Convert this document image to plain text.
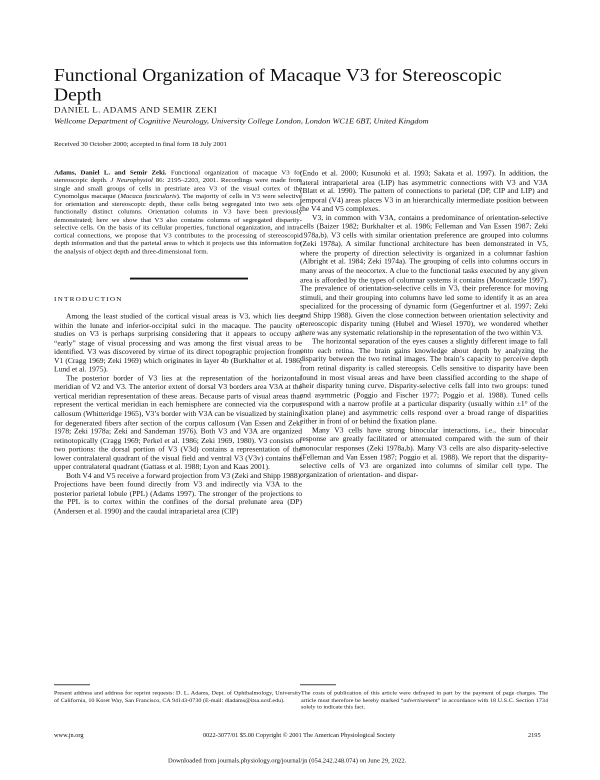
Functional Organization of Macaque V3 for Stereoscopic Depth
DANIEL L. ADAMS AND SEMIR ZEKI
Wellcome Department of Cognitive Neurology, University College London, London WC1E 6BT, United Kingdom
Received 30 October 2000; accepted in final form 18 July 2001
Adams, Daniel L. and Semir Zeki. Functional organization of macaque V3 for stereoscopic depth. J Neurophysiol 86: 2195–2203, 2001. Recordings were made from single and small groups of cells in prestriate area V3 of the visual cortex of the Cynomolgus macaque (Macaca fascicularis). The majority of cells in V3 were selective for orientation and stereoscopic depth, these cells being segregated into two sets of functionally distinct columns. Orientation columns in V3 have been previously demonstrated; here we show that V3 also contains columns of segregated disparity-selective cells. On the basis of its cellular properties, functional organization, and intra-cortical connections, we propose that V3 contributes to the processing of stereoscopic depth information and that the parietal areas to which it projects use this information for the analysis of object depth and three-dimensional form.
INTRODUCTION

Among the least studied of the cortical visual areas is V3, which lies deep within the lunate and inferior-occipital sulci in the macaque. The paucity of studies on V3 is perhaps surprising considering that it appears to occupy an “early” stage of visual processing and was among the first visual areas to be identified. V3 was discovered by virtue of its direct topographic projection from V1 (Cragg 1969; Zeki 1969) which originates in layer 4b (Burkhalter et al. 1986; Lund et al. 1975).

The posterior border of V3 lies at the representation of the horizontal meridian of V2 and V3. The anterior extent of dorsal V3 borders area V3A at the vertical meridian representation of these areas. Because parts of visual areas that represent the vertical meridian in each hemisphere are connected via the corpus callosum (Whitteridge 1965), V3’s border with V3A can be visualized by staining for degenerated fibers after section of the corpus callosum (Van Essen and Zeki 1978; Zeki 1978a; Zeki and Sandeman 1976). Both V3 and V3A are organized retinotopically (Cragg 1969; Perkel et al. 1986; Zeki 1969, 1980). V3 consists of two portions: the dorsal portion of V3 (V3d) contains a representation of the lower contralateral quadrant of the visual field and ventral V3 (V3v) contains the upper contralateral quadrant (Gattass et al. 1988; Lyon and Kaas 2001).

Both V4 and V5 receive a forward projection from V3 (Zeki and Shipp 1988). Projections have been found directly from V3 and indirectly via V3A to the posterior parietal lobule (PPL) (Adams 1997). The stronger of the projections to the PPL is to cortex within the confines of the dorsal prelunate area (DP) (Andersen et al. 1990) and the caudal intraparietal area (CIP)

(Endo et al. 2000; Kusunoki et al. 1993; Sakata et al. 1997). In addition, the lateral intraparietal area (LIP) has asymmetric connections with V3 and V3A (Blatt et al. 1990). The pattern of connections to parietal (DP, CIP and LIP) and temporal (V4) areas places V3 in an hierarchically intermediate position between the V4 and V5 complexes.

V3, in common with V3A, contains a predominance of orientation-selective cells (Baizer 1982; Burkhalter et al. 1986; Felleman and Van Essen 1987; Zeki 1978a,b). V3 cells with similar orientation preference are grouped into columns (Zeki 1978a). A similar functional architecture has been demonstrated in V5, where the property of direction selectivity is organized in a columnar fashion (Albright et al. 1984; Zeki 1974a). The grouping of cells into columns occurs in many areas of the neocortex. A clue to the functional tasks executed by any given area is afforded by the types of columnar systems it contains (Mountcastle 1997). The prevalence of orientation-selective cells in V3, their preference for moving stimuli, and their grouping into columns have led some to identify it as an area specialized for the processing of dynamic form (Gegenfurtner et al. 1997; Zeki and Shipp 1988). Given the close connection between orientation selectivity and stereoscopic disparity tuning (Hubel and Wiesel 1970), we wondered whether there was any systematic relationship in the representation of the two within V3.

The horizontal separation of the eyes causes a slightly different image to fall onto each retina. The brain gains knowledge about depth by analyzing the disparity between the two retinal images. The brain’s capacity to perceive depth from retinal disparity is called stereopsis. Cells sensitive to disparity have been found in most visual areas and have been classified according to the shape of their disparity tuning curve. Disparity-selective cells fall into two groups: tuned and asymmetric (Poggio and Fischer 1977; Poggio et al. 1988). Tuned cells respond with a narrow profile at a particular disparity (usually within ±1° of the fixation plane) and asymmetric cells respond over a broad range of disparities either in front of or behind the fixation plane.

Many V3 cells have strong binocular interactions, i.e., their binocular response are greatly facilitated or attenuated compared with the sum of their monocular responses (Zeki 1978a,b). Many V3 cells are also disparity-selective (Felleman and Van Essen 1987; Poggio et al. 1988). We report that the disparity-selective cells of V3 are organized into columns of similar cell type. The organization of orientation- and dispar-

Present address and address for reprint requests: D. L. Adams, Dept. of Ophthalmology, University of California, 10 Koret Way, San Francisco, CA 94143-0730 (E-mail: dladams@itsa.ucsf.edu).
The costs of publication of this article were defrayed in part by the payment of page charges. The article must therefore be hereby marked “advertisement” in accordance with 18 U.S.C. Section 1734 solely to indicate this fact.
www.jn.org	0022-3077/01 $5.00 Copyright © 2001 The American Physiological Society	2195
Downloaded from journals.physiology.org/journal/jn (054.242.248.074) on June 29, 2022.
